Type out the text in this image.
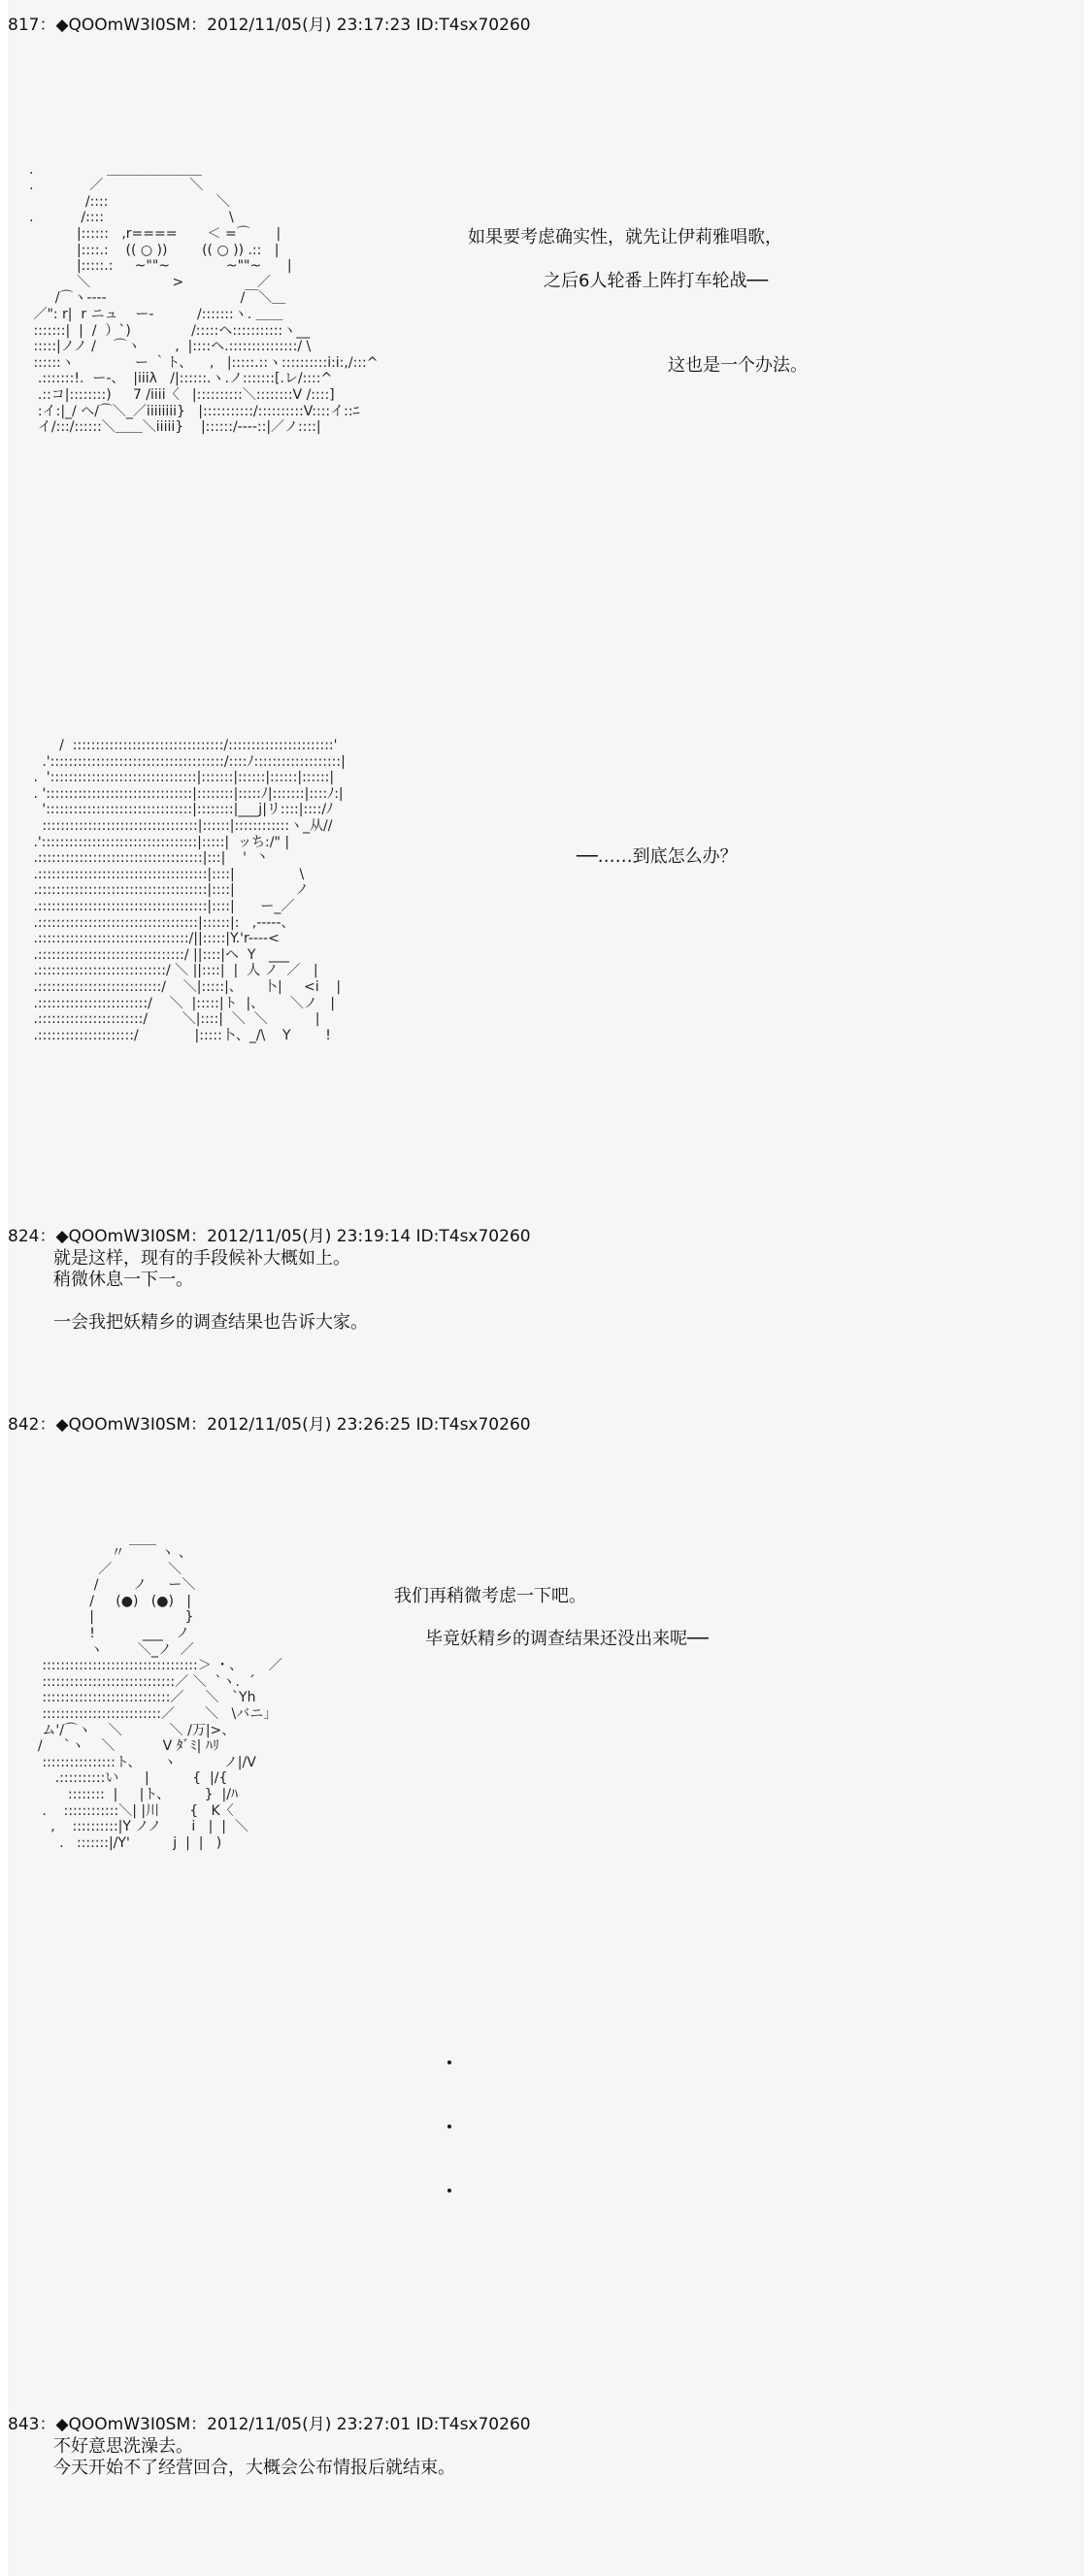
817：◆QOOmW3I0SM：2012/11/05(月) 23:17:23 ID:T4sx70260

.                 ＿＿＿＿＿＿＿
.             ／                    ＼
/::::                         ＼
.           /::::                             \
|::::::   ,r====       ＜ =⌒      |
|::::.:    (( ○ ))        (( ○ )) .::   |
|:::::.:     ~""~             ~""~      |
＼                   >                 ／
/⌒ヽ--‐‐                               /￣＼＿
／": r|  r ニュ    ー-          /:::::::ヽ. ＿＿
:::::::|  |  /  ）`)              /:::::ヘ:::::::::::ヽ__
:::::|ノノ /    ⌒ヽ        ,  |::::ヘ.:::::::::::::::/ \
::::::ヽ              ー ｀ト、    ,   |:::::.::ヽ::::::::::i:i:,/:::^
.:::::::!.  ー-、  |iiiλ   /|::::::.ヽ.ノ:::::::[.レ/::::^
.::コ|::::::::)     7 /iiii〈   |::::::::::＼::::::::V /::::]
:イ:|_/ へ/⌒＼_／iiiiiiii}   |:::::::::::/::::::::::V::::イ::ﾆ
イ/:::/::::::＼＿＿＼iiiii}    |::::::/‐‐‐‐::|／ノ::::|
如果要考虑确实性，就先让伊莉雅唱歌，
之后6人轮番上阵打车轮战──
这也是一个办法。
/  :::::::::::::::::::::::::::::::::/:::::::::::::::::::::::'
.'::::::::::::::::::::::::::::::::::::::/::::ﾉ:::::::::::::::::::|
.  '::::::::::::::::::::::::::::::::|:::::::|::::::|::::::|::::::|
. '::::::::::::::::::::::::::::::::|::::::::|:::::ﾉ|:::::::|::::ﾉ:|
'::::::::::::::::::::::::::::::::|::::::::|___j|リ::::|::::/ﾉ
::::::::::::::::::::::::::::::::::|::::::|::::::::::::ヽ_从//
.'::::::::::::::::::::::::::::::::::|:::::|  ッち:/" |
.::::::::::::::::::::::::::::::::::::|:::|    '  丶
.:::::::::::::::::::::::::::::::::::::|::::|               \
.:::::::::::::::::::::::::::::::::::::|::::|              ノ
.:::::::::::::::::::::::::::::::::::::|::::|      ー_／
.:::::::::::::::::::::::::::::::::::|::::::|:   ,-‐‐‐‐、
.:::::::::::::::::::::::::::::::::/||:::::|Y.'r-‐‐‐<
.::::::::::::::::::::::::::::::::/ ||::::|ヘ  Y   ___
.::::::::::::::::::::::::::::/ ＼ ||::::|  |  人 ノ  ／   |
.:::::::::::::::::::::::::::/    ＼|:::::|、     卜|     <i    |
.::::::::::::::::::::::::/    ＼  |:::::|ト  |、      ＼ノ   |
.:::::::::::::::::::::::/        ＼|::::|  ＼  ＼           |
.:::::::::::::::::::::/             |:::::卜、_/\    Y        !
──……到底怎么办？
824：◆QOOmW3I0SM：2012/11/05(月) 23:19:14 ID:T4sx70260
就是这样，现有的手段候补大概如上。
稍微休息一下一。
一会我把妖精乡的调查结果也告诉大家。
842：◆QOOmW3I0SM：2012/11/05(月) 23:26:25 ID:T4sx70260
〃 ￣￣ ヽ 、
／             ＼
/        ノ     ー＼
/     (●)   (●)   |
|                     }
!           ___   ノ
ヽ        ＼_ノ  ／
::::::::::::::::::::::::::::::::::＞ ・、      ／
:::::::::::::::::::::::::::::／ ＼  `ヽ.  ´
::::::::::::::::::::::::::::／     ＼   `Yh
::::::::::::::::::::::::::／       ＼   \バニ」
ム'/⌒ヽ    ＼           ＼ /万|>、
/     `ヽ    ＼           V ﾀﾞﾐ| ﾊﾘ
::::::::::::::::ト、     ヽ           ノ|/V
.::::::::::い      |          {  |/{
::::::::  |     |ト、        }  |/ﾊ
.    ::::::::::::＼| |川       {   K〈
,    ::::::::::|Y ノノ       i   |  |  ＼
.   :::::::|/Y'          j  |  |   )
我们再稍微考虑一下吧。
毕竟妖精乡的调查结果还没出来呢──
・
・
・
843：◆QOOmW3I0SM：2012/11/05(月) 23:27:01 ID:T4sx70260
不好意思洗澡去。
今天开始不了经营回合，大概会公布情报后就结束。
